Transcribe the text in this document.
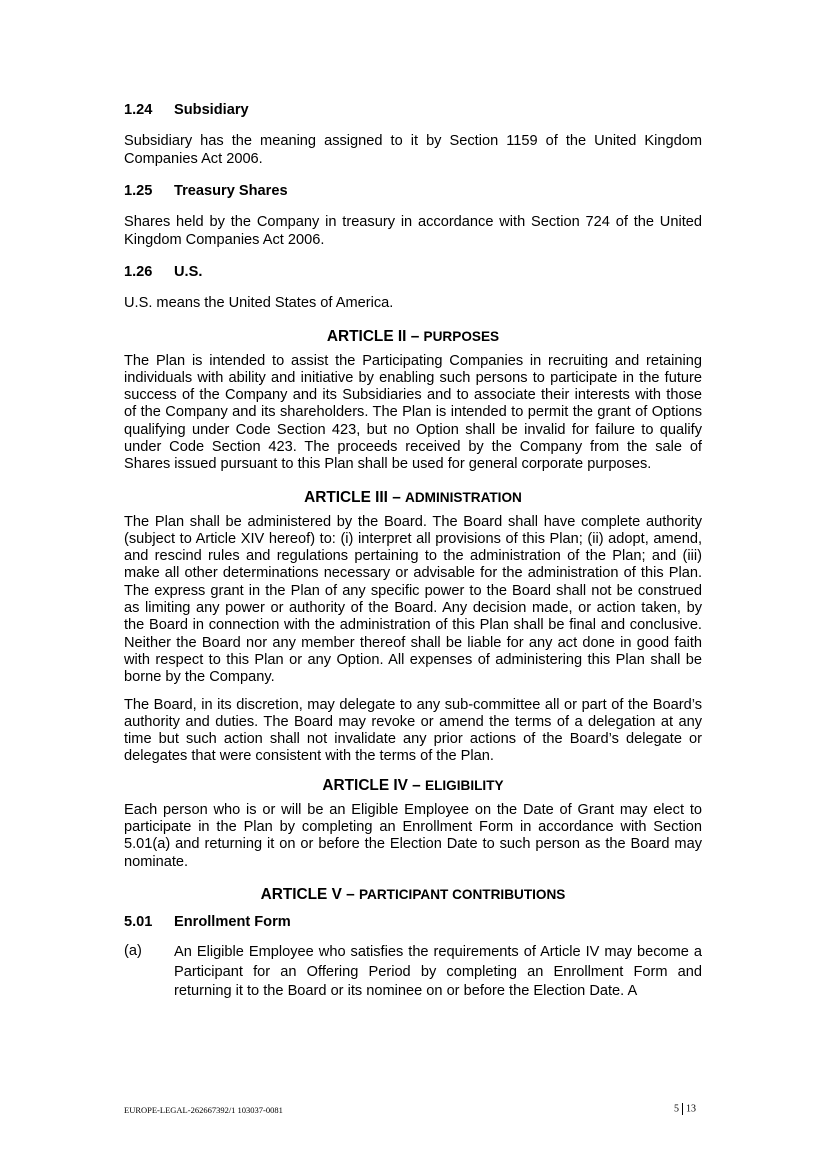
1.24 Subsidiary

Subsidiary has the meaning assigned to it by Section 1159 of the United Kingdom Companies Act 2006.

1.25 Treasury Shares

Shares held by the Company in treasury in accordance with Section 724 of the United Kingdom Companies Act 2006.

1.26 U.S.

U.S. means the United States of America.

ARTICLE II – PURPOSES

The Plan is intended to assist the Participating Companies in recruiting and retaining individuals with ability and initiative by enabling such persons to participate in the future success of the Company and its Subsidiaries and to associate their interests with those of the Company and its shareholders. The Plan is intended to permit the grant of Options qualifying under Code Section 423, but no Option shall be invalid for failure to qualify under Code Section 423. The proceeds received by the Company from the sale of Shares issued pursuant to this Plan shall be used for general corporate purposes.

ARTICLE III – ADMINISTRATION

The Plan shall be administered by the Board. The Board shall have complete authority (subject to Article XIV hereof) to: (i) interpret all provisions of this Plan; (ii) adopt, amend, and rescind rules and regulations pertaining to the administration of the Plan; and (iii) make all other determinations necessary or advisable for the administration of this Plan. The express grant in the Plan of any specific power to the Board shall not be construed as limiting any power or authority of the Board. Any decision made, or action taken, by the Board in connection with the administration of this Plan shall be final and conclusive. Neither the Board nor any member thereof shall be liable for any act done in good faith with respect to this Plan or any Option. All expenses of administering this Plan shall be borne by the Company.

The Board, in its discretion, may delegate to any sub-committee all or part of the Board’s authority and duties. The Board may revoke or amend the terms of a delegation at any time but such action shall not invalidate any prior actions of the Board’s delegate or delegates that were consistent with the terms of the Plan.

ARTICLE IV – ELIGIBILITY

Each person who is or will be an Eligible Employee on the Date of Grant may elect to participate in the Plan by completing an Enrollment Form in accordance with Section 5.01(a) and returning it on or before the Election Date to such person as the Board may nominate.

ARTICLE V – PARTICIPANT CONTRIBUTIONS

5.01 Enrollment Form

(a)	An Eligible Employee who satisfies the requirements of Article IV may become a Participant for an Offering Period by completing an Enrollment Form and returning it to the Board or its nominee on or before the Election Date. A
EUROPE-LEGAL-262667392/1 103037-0081	5 13
